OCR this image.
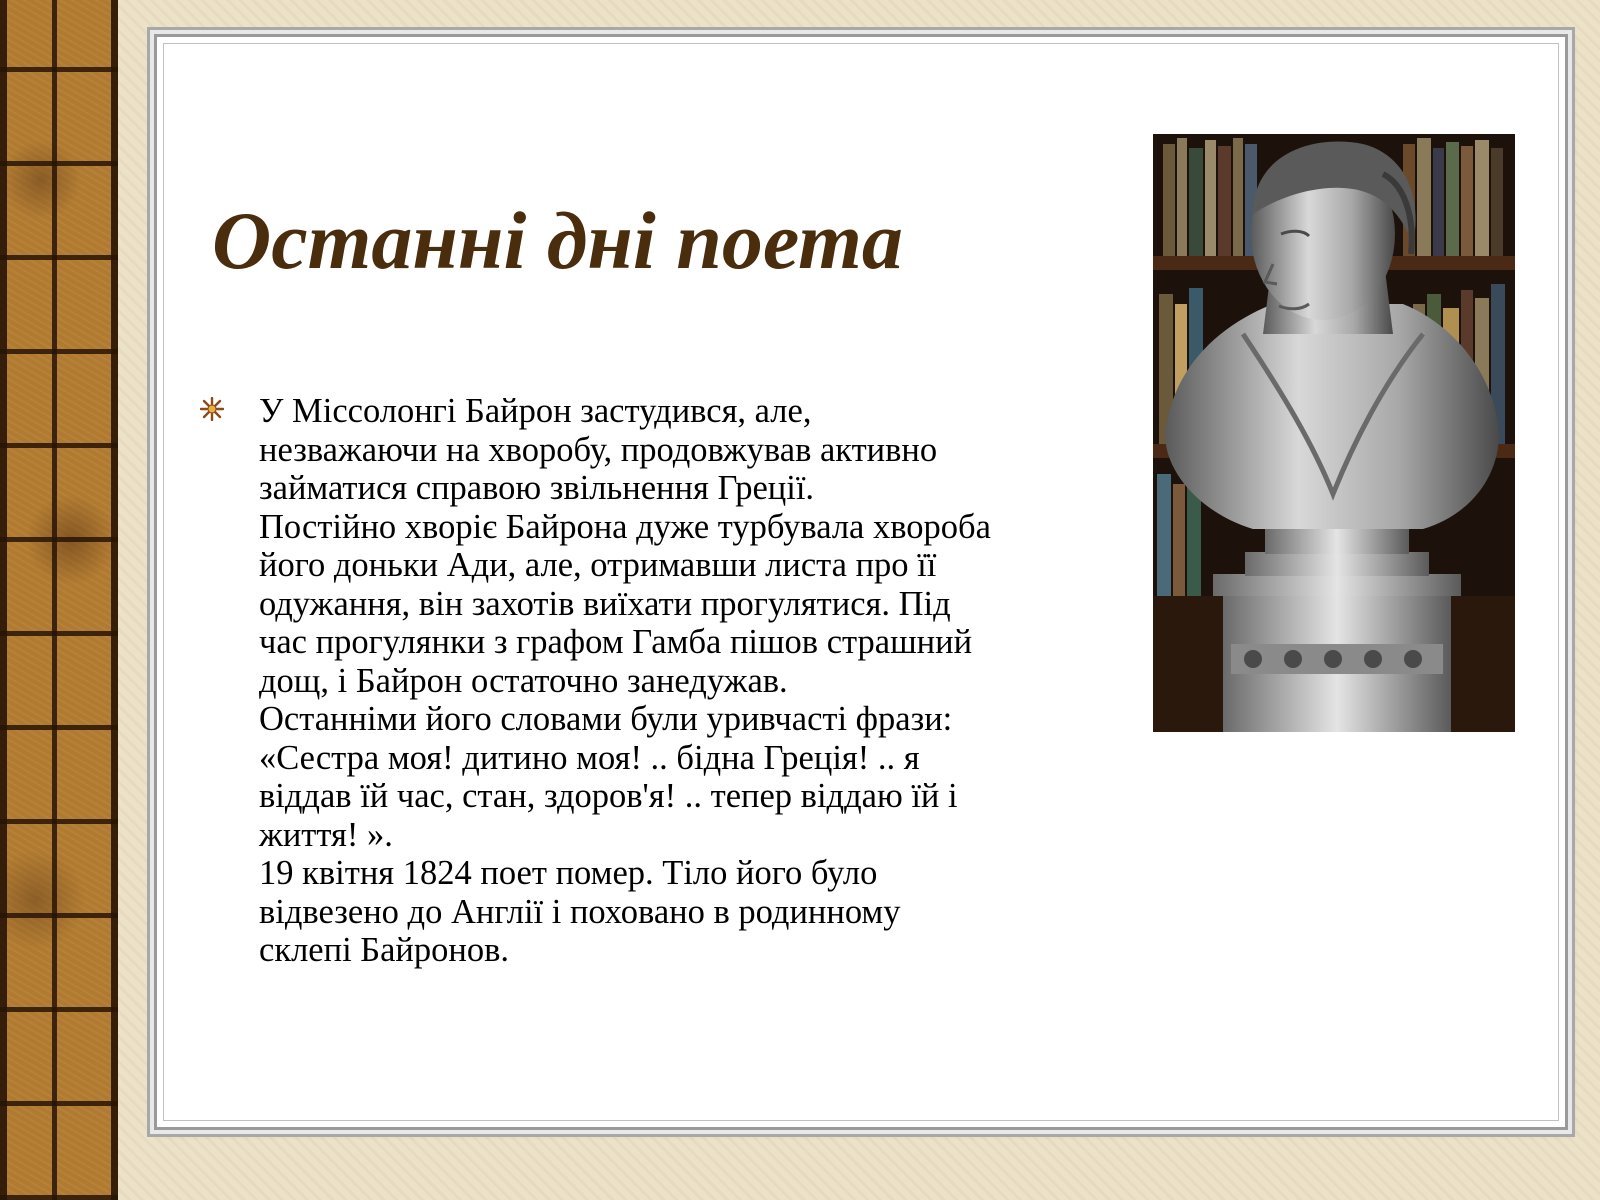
Останні дні поета

У Міссолонгі Байрон застудився, але,
незважаючи на хворобу, продовжував активно
займатися справою звільнення Греції.

Постійно хворіє Байрона дуже турбувала хвороба
його доньки Ади, але, отримавши листа про її
одужання, він захотів виїхати прогулятися. Під
час прогулянки з графом Гамба пішов страшний
дощ, і Байрон остаточно занедужав.

Останніми його словами були уривчасті фрази:
«Сестра моя! дитино моя! .. бідна Греція! .. я
віддав їй час, стан, здоров'я! .. тепер віддаю їй і
життя! ».

19 квітня 1824 поет помер. Тіло його було
відвезено до Англії і поховано в родинному
склепі Байронов.
